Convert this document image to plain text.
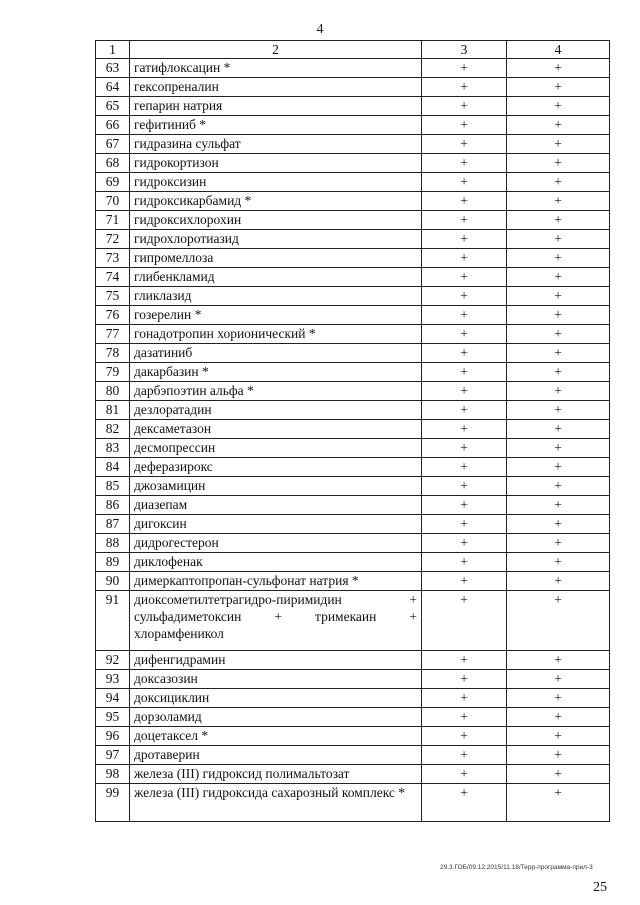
4
1	2	3	4
63	гатифлоксацин *	+	+
64	гексопреналин	+	+
65	гепарин натрия	+	+
66	гефитиниб *	+	+
67	гидразина сульфат	+	+
68	гидрокортизон	+	+
69	гидроксизин	+	+
70	гидроксикарбамид *	+	+
71	гидроксихлорохин	+	+
72	гидрохлоротиазид	+	+
73	гипромеллоза	+	+
74	глибенкламид	+	+
75	гликлазид	+	+
76	гозерелин *	+	+
77	гонадотропин хорионический *	+	+
78	дазатиниб	+	+
79	дакарбазин *	+	+
80	дарбэпоэтин альфа *	+	+
81	дезлоратадин	+	+
82	дексаметазон	+	+
83	десмопрессин	+	+
84	деферазирокс	+	+
85	джозамицин	+	+
86	диазепам	+	+
87	дигоксин	+	+
88	дидрогестерон	+	+
89	диклофенак	+	+
90	димеркаптопропан-сульфонат натрия *	+	+
91	диоксометилтетрагидро-пиримидин + сульфадиметоксин + тримекаин + хлорамфеникол	+	+
92	дифенгидрамин	+	+
93	доксазозин	+	+
94	доксициклин	+	+
95	дорзоламид	+	+
96	доцетаксел *	+	+
97	дротаверин	+	+
98	железа (III) гидроксид полимальтозат	+	+
99	железа (III) гидроксида сахарозный комплекс *	+	+
29.3.ГОБ/09.12.2015/11.18/Терр-программа-прил-3
25
